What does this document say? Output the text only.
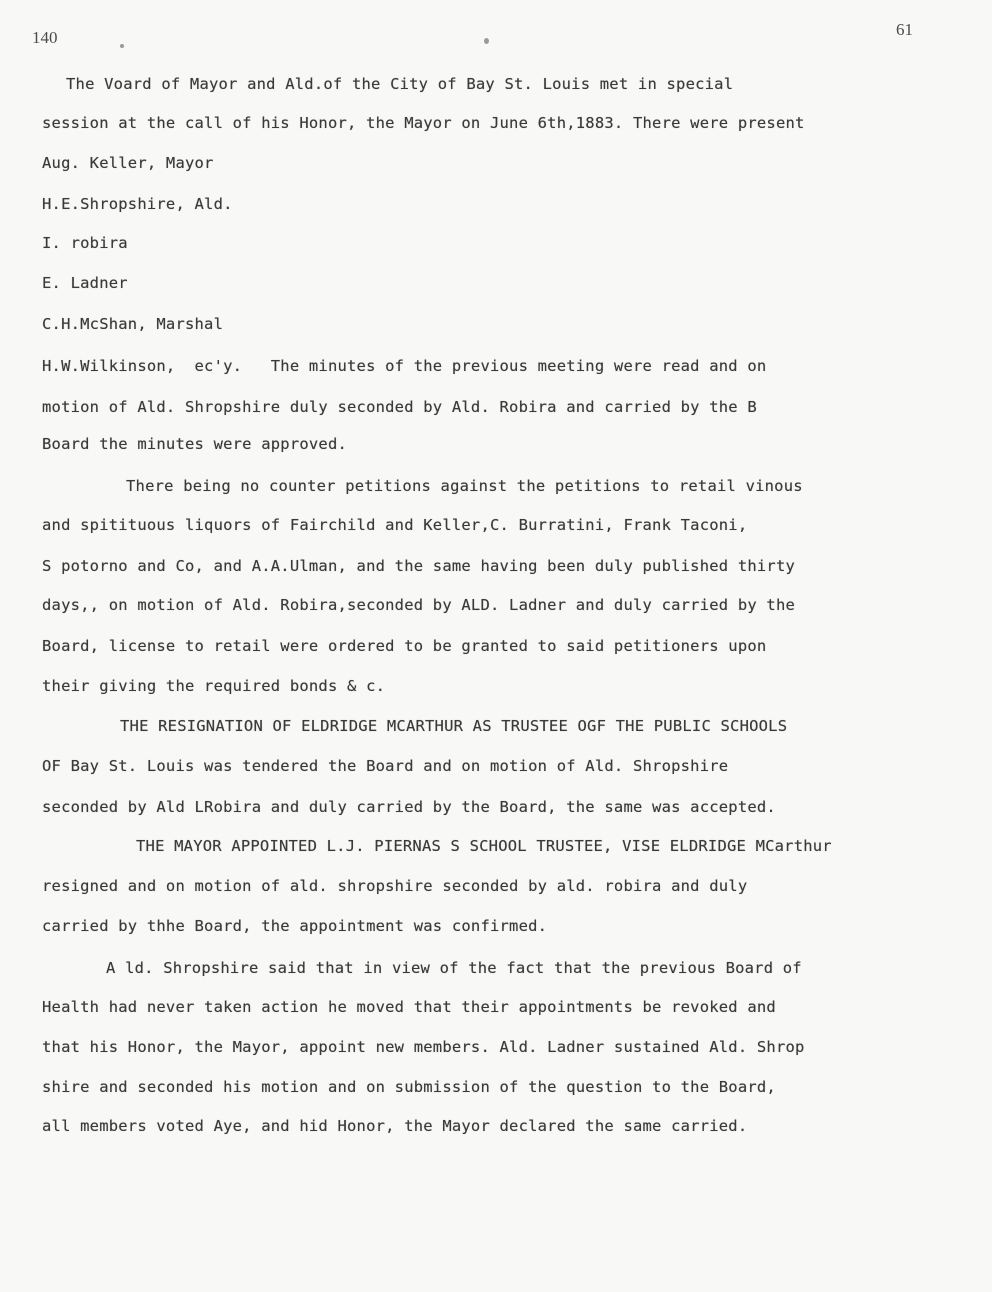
140	61
The Voard of Mayor and Ald.of the City of Bay St. Louis met in special
session at the call of his Honor, the Mayor on June 6th,1883. There were present
Aug. Keller, Mayor
H.E.Shropshire, Ald.
I. robira
E. Ladner
C.H.McShan, Marshal
H.W.Wilkinson,  ec'y.   The minutes of the previous meeting were read and on
motion of Ald. Shropshire duly seconded by Ald. Robira and carried by the B
Board the minutes were approved.
There being no counter petitions against the petitions to retail vinous
and spitituous liquors of Fairchild and Keller,C. Burratini, Frank Taconi,
S potorno and Co, and A.A.Ulman, and the same having been duly published thirty
days,, on motion of Ald. Robira,seconded by ALD. Ladner and duly carried by the
Board, license to retail were ordered to be granted to said petitioners upon
their giving the required bonds & c.
THE RESIGNATION OF ELDRIDGE MCARTHUR AS TRUSTEE OGF THE PUBLIC SCHOOLS
OF Bay St. Louis was tendered the Board and on motion of Ald. Shropshire
seconded by Ald LRobira and duly carried by the Board, the same was accepted.
THE MAYOR APPOINTED L.J. PIERNAS S SCHOOL TRUSTEE, VISE ELDRIDGE MCarthur
resigned and on motion of ald. shropshire seconded by ald. robira and duly
carried by thhe Board, the appointment was confirmed.
A ld. Shropshire said that in view of the fact that the previous Board of
Health had never taken action he moved that their appointments be revoked and
that his Honor, the Mayor, appoint new members. Ald. Ladner sustained Ald. Shrop
shire and seconded his motion and on submission of the question to the Board,
all members voted Aye, and hid Honor, the Mayor declared the same carried.
